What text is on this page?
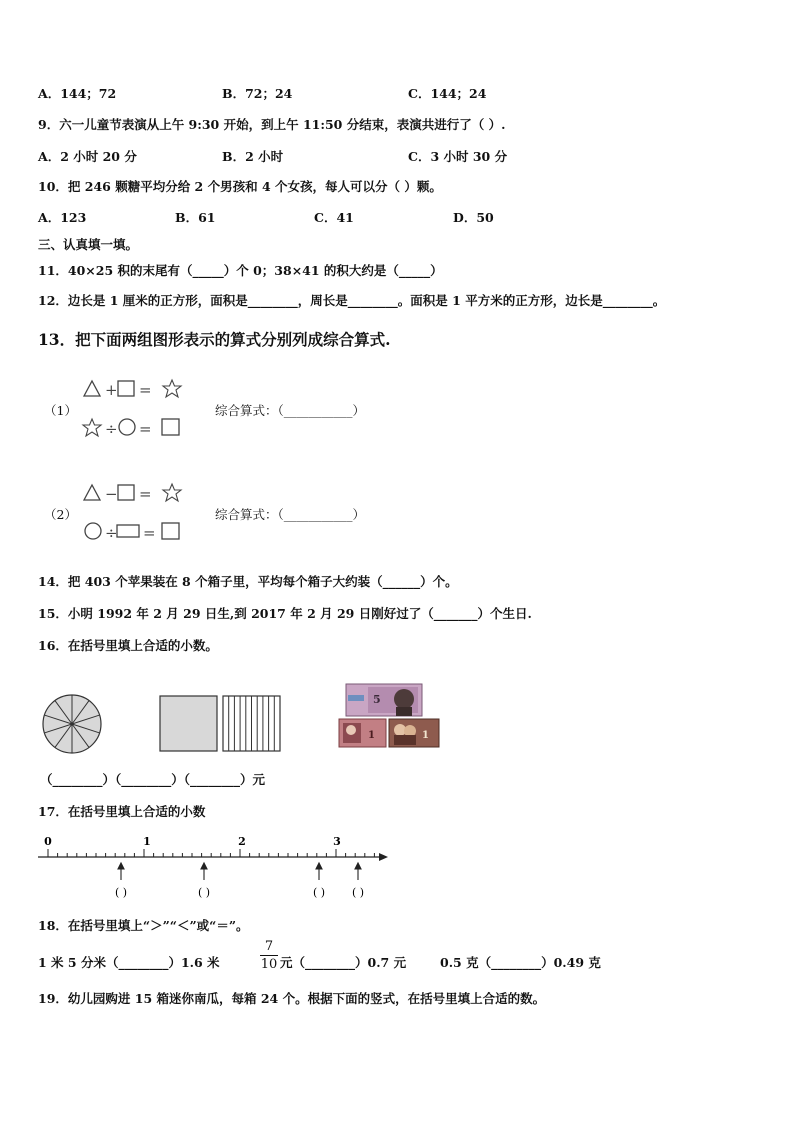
A．144；72	B．72；24	C．144；24
9．六一儿童节表演从上午 9:30 开始，到上午 11:50 分结束，表演共进行了（ ）.
A．2 小时 20 分	B．2 小时	C．3 小时 30 分
10．把 246 颗糖平均分给 2 个男孩和 4 个女孩，每人可以分（ ）颗。
A．123	B．61	C．41	D．50
三、认真填一填。
11．40×25 积的末尾有（_____）个 0；38×41 的积大约是（_____）
12．边长是 1 厘米的正方形，面积是________，周长是________。面积是 1 平方米的正方形，边长是________。
13．把下面两组图形表示的算式分别列成综合算式.
（1）
+ =
÷ =
综合算式：（___________）
（2）
− =
÷ =
综合算式：（___________）
14．把 403 个苹果装在 8 个箱子里，平均每个箱子大约装（______）个。
15．小明 1992 年 2 月 29 日生,到 2017 年 2 月 29 日刚好过了（_______）个生日.
16．在括号里填上合适的小数。
5
1	1
（________）（________）（________）元
17．在括号里填上合适的小数
0	1	2	3
( )	( )	( ) ( )
18．在括号里填上“＞”“＜”或“＝”。
1 米 5 分米（________）1.6 米
7
10 元（________）0.7 元	0.5 克（________）0.49 克
19．幼儿园购进 15 箱迷你南瓜，每箱 24 个。根据下面的竖式，在括号里填上合适的数。
